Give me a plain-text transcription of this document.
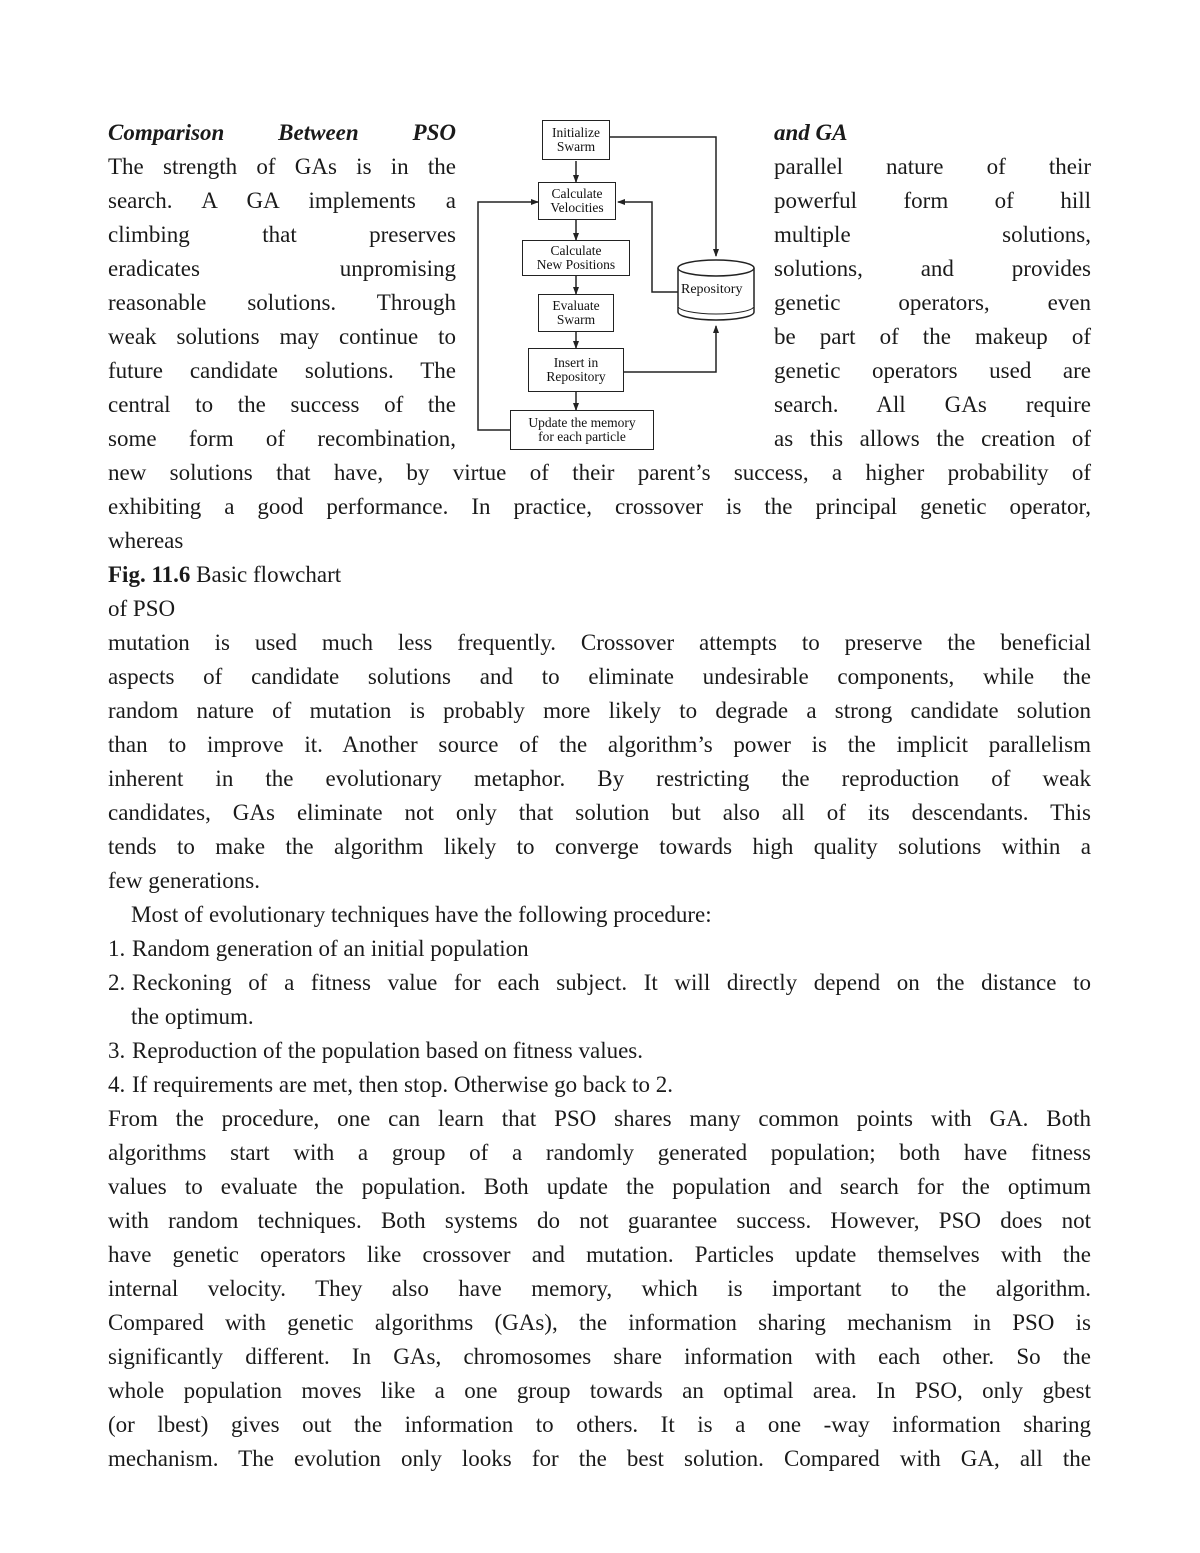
Comparison Between PSO	and GA
The strength of GAs is in the
search. A GA implements a
climbing that preserves
eradicates unpromising
reasonable solutions. Through
weak solutions may continue to
future candidate solutions. The
central to the success of the
some form of recombination,
parallel nature of their
powerful form of hill
multiple solutions,
solutions, and provides
genetic operators, even
be part of the makeup of
genetic operators used are
search. All GAs require
as this allows the creation of
Initialize
Swarm
Calculate
Velocities
Calculate
New Positions
Evaluate
Swarm
Insert in
Repository
Update the memory
for each particle
Repository
new solutions that have, by virtue of their parent’s success, a higher probability of
exhibiting a good performance. In practice, crossover is the principal genetic operator,
whereas
Fig. 11.6 Basic flowchart
of PSO
mutation is used much less frequently. Crossover attempts to preserve the beneficial
aspects of candidate solutions and to eliminate undesirable components, while the
random nature of mutation is probably more likely to degrade a strong candidate solution
than to improve it. Another source of the algorithm’s power is the implicit parallelism
inherent in the evolutionary metaphor. By restricting the reproduction of weak
candidates, GAs eliminate not only that solution but also all of its descendants. This
tends to make the algorithm likely to converge towards high quality solutions within a
few generations.
Most of evolutionary techniques have the following procedure:
1. Random generation of an initial population
2. Reckoning of a fitness value for each subject. It will directly depend on the distance to
the optimum.
3. Reproduction of the population based on fitness values.
4. If requirements are met, then stop. Otherwise go back to 2.
From the procedure, one can learn that PSO shares many common points with GA. Both
algorithms start with a group of a randomly generated population; both have fitness
values to evaluate the population. Both update the population and search for the optimum
with random techniques. Both systems do not guarantee success. However, PSO does not
have genetic operators like crossover and mutation. Particles update themselves with the
internal velocity. They also have memory, which is important to the algorithm.
Compared with genetic algorithms (GAs), the information sharing mechanism in PSO is
significantly different. In GAs, chromosomes share information with each other. So the
whole population moves like a one group towards an optimal area. In PSO, only gbest
(or lbest) gives out the information to others. It is a one -way information sharing
mechanism. The evolution only looks for the best solution. Compared with GA, all the
